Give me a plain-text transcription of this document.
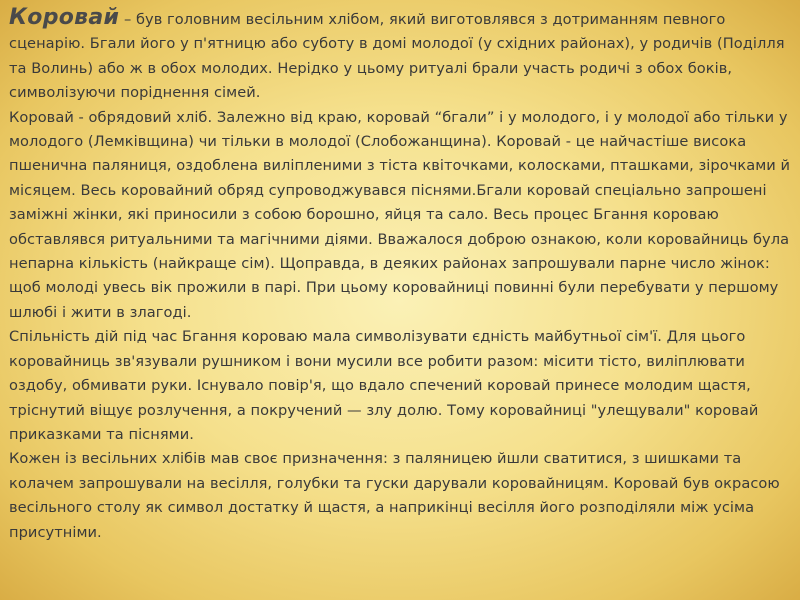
Коровай – був головним весільним хлібом, який виготовлявся з дотриманням певного сценарію. Бгали його у п'ятницю або суботу в домі молодої (у східних районах), у родичів (Поділля та Волинь) або ж в обох молодих. Нерідко у цьому ритуалі брали участь родичі з обох боків, символізуючи поріднення сімей.

Коровай - обрядовий хліб. Залежно від краю, коровай “бгали” і у молодого, і у молодої або тільки у молодого (Лемківщина) чи тільки в молодої (Слобожанщина). Коровай - це найчастіше висока пшенична паляниця, оздоблена виліпленими з тіста квіточками, колосками, пташками, зірочками й місяцем. Весь коровайний обряд супроводжувався піснями.Бгали коровай спеціально запрошені заміжні жінки, які приносили з собою борошно, яйця та сало. Весь процес Бгання короваю обставлявся ритуальними та магічними діями. Вважалося доброю ознакою, коли коровайниць була непарна кількість (найкраще сім). Щоправда, в деяких районах запрошували парне число жінок: щоб молоді увесь вік прожили в парі. При цьому коровайниці повинні були перебувати у першому шлюбі і жити в злагоді.

Спільність дій під час Бгання короваю мала символізувати єдність майбутньої сім'ї. Для цього коровайниць зв'язували рушником і вони мусили все робити разом: місити тісто, виліплювати оздобу, обмивати руки. Існувало повір'я, що вдало спечений коровай принесе молодим щастя, тріснутий віщує розлучення, а покручений — злу долю. Тому коровайниці "улещували" коровай приказками та піснями.

Кожен із весільних хлібів мав своє призначення: з паляницею йшли сватитися, з шишками та колачем запрошували на весілля, голубки та гуски дарували коровайницям. Коровай був окрасою весільного столу як символ достатку й щастя, а наприкінці весілля його розподіляли між усіма присутніми.
